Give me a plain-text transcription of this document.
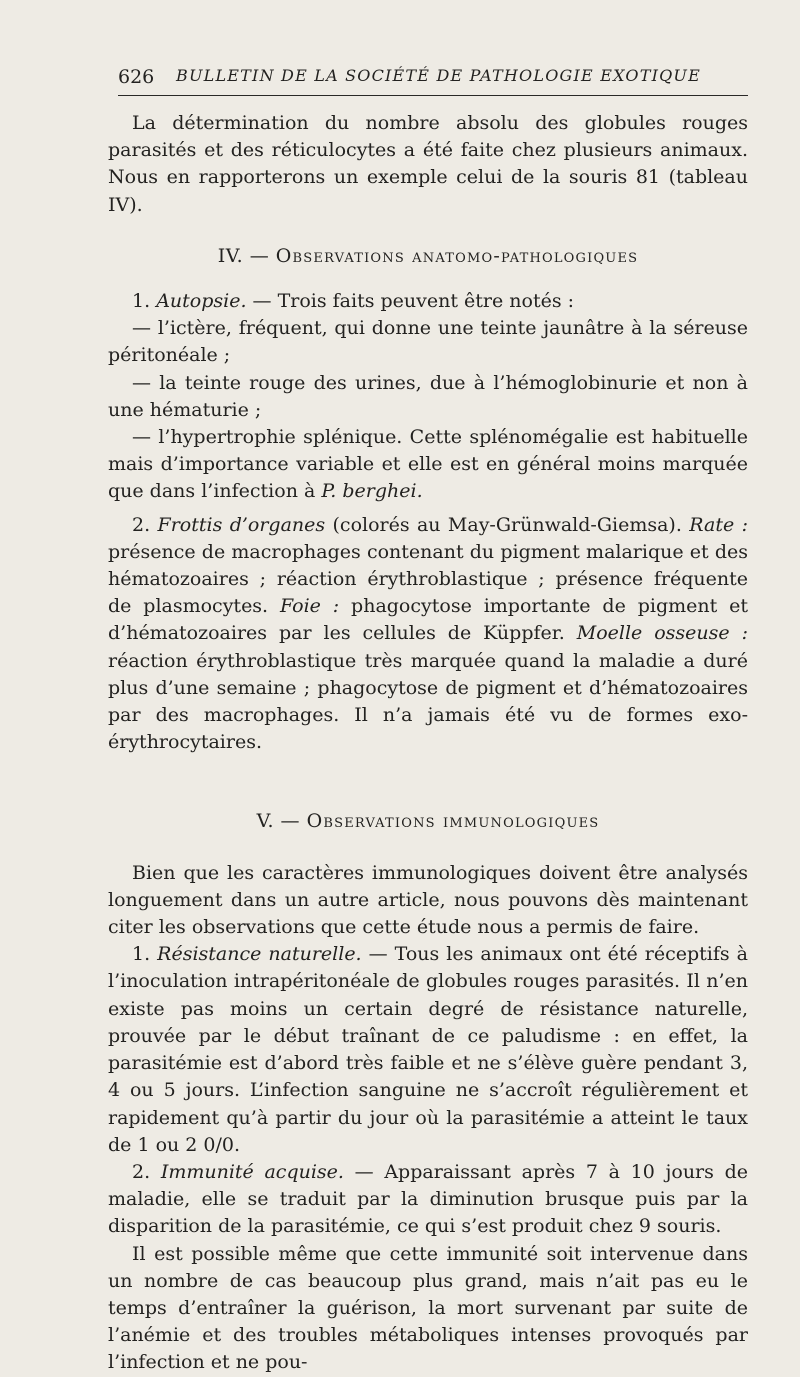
626 BULLETIN DE LA SOCIÉTÉ DE PATHOLOGIE EXOTIQUE

La détermination du nombre absolu des globules rouges parasités et des réticulocytes a été faite chez plusieurs animaux. Nous en rapporterons un exemple celui de la souris 81 (tableau IV).

IV. — Observations anatomo-pathologiques

1. Autopsie. — Trois faits peuvent être notés :

— l’ictère, fréquent, qui donne une teinte jaunâtre à la séreuse péritonéale ;

— la teinte rouge des urines, due à l’hémoglobinurie et non à une hématurie ;

— l’hypertrophie splénique. Cette splénomégalie est habituelle mais d’importance variable et elle est en général moins marquée que dans l’infection à P. berghei.

2. Frottis d’organes (colorés au May-Grünwald-Giemsa). Rate : présence de macrophages contenant du pigment malarique et des hématozoaires ; réaction érythroblastique ; présence fréquente de plasmocytes. Foie : phagocytose importante de pigment et d’hématozoaires par les cellules de Küppfer. Moelle osseuse : réaction érythroblastique très marquée quand la maladie a duré plus d’une semaine ; phagocytose de pigment et d’hématozoaires par des macrophages. Il n’a jamais été vu de formes exo-érythrocytaires.

V. — Observations immunologiques

Bien que les caractères immunologiques doivent être analysés longuement dans un autre article, nous pouvons dès maintenant citer les observations que cette étude nous a permis de faire.

1. Résistance naturelle. — Tous les animaux ont été réceptifs à l’inoculation intrapéritonéale de globules rouges parasités. Il n’en existe pas moins un certain degré de résistance naturelle, prouvée par le début traînant de ce paludisme : en effet, la parasitémie est d’abord très faible et ne s’élève guère pendant 3, 4 ou 5 jours. L’infection sanguine ne s’accroît régulièrement et rapidement qu’à partir du jour où la parasitémie a atteint le taux de 1 ou 2 0/0.

2. Immunité acquise. — Apparaissant après 7 à 10 jours de maladie, elle se traduit par la diminution brusque puis par la disparition de la parasitémie, ce qui s’est produit chez 9 souris.

Il est possible même que cette immunité soit intervenue dans un nombre de cas beaucoup plus grand, mais n’ait pas eu le temps d’entraîner la guérison, la mort survenant par suite de l’anémie et des troubles métaboliques intenses provoqués par l’infection et ne pou-
